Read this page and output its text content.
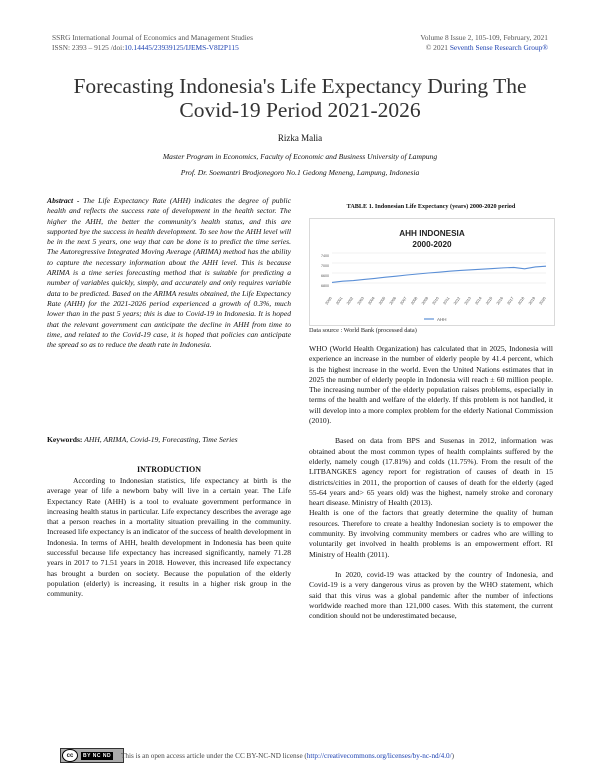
SSRG International Journal of Economics and Management Studies
ISSN: 2393 – 9125 /doi:10.14445/23939125/IJEMS-V8I2P115
Volume 8 Issue 2, 105-109, February, 2021
© 2021 Seventh Sense Research Group®
Forecasting Indonesia's Life Expectancy During The
Covid-19 Period 2021-2026
Rizka Malia
Master Program in Economics, Faculty of Economic and Business University of Lampung
Prof. Dr. Soemantri Brodjonegoro No.1 Gedong Meneng, Lampung, Indonesia

Abstract - The Life Expectancy Rate (AHH) indicates the degree of public health and reflects the success rate of development in the health sector. The higher the AHH, the better the community's health status, and this are supported bye the success in health development. To see how the AHH level will be in the next 5 years, one way that can be done is to predict the time series. The Autoregressive Integrated Moving Average (ARIMA) method has the ability to capture the necessary information about the AHH level. This is because ARIMA is a time series forecasting method that is suitable for predicting a number of variables quickly, simply, and accurately and only requires variable data to be predicted. Based on the ARIMA results obtained, the Life Expectancy Rate (AHH) for the 2021-2026 period experienced a growth of 0.3%, much lower than in the past 5 years; this is due to Covid-19 in Indonesia. It is hoped that the relevant government can anticipate the decline in AHH from time to time, and related to the Covid-19 case, it is hoped that policies can anticipate the spread so as to reduce the death rate in Indonesia.

Keywords: AHH, ARIMA, Covid-19, Forecasting, Time Series
INTRODUCTION

According to Indonesian statistics, life expectancy at birth is the average year of life a newborn baby will live in a certain year. The Life Expectancy Rate (AHH) is a tool to evaluate government performance in increasing health status in particular. Life expectancy describes the average age that a person reaches in a mortality situation prevailing in the community. Increased life expectancy is an indicator of the success of health development in Indonesia. In terms of AHH, health development in Indonesia has been quite successful because life expectancy has increased significantly, namely 71.28 years in 2017 to 71.51 years in 2018. However, this increased life expectancy has brought a burden on society. Because the population of the elderly population (elderly) is increasing, it results in a higher risk group in the community.

TABLE 1. Indonesian Life Expectancy (years) 2000-2020 period
AHH INDONESIA
2000-2020
7400
7000
6600
6800
2000 2001 2002 2003 2004 2005 2006 2007 2008 2009 2010 2011 2012 2013 2014 2015 2016 2017 2018 2019 2020
AHH
Data source : World Bank (processed data)

WHO (World Health Organization) has calculated that in 2025, Indonesia will experience an increase in the number of elderly people by 41.4 percent, which is the highest increase in the world. Even the United Nations estimates that in 2025 the number of elderly people in Indonesia will reach ± 60 million people. The increasing number of the elderly population raises problems, especially in terms of the health and welfare of the elderly. If this problem is not handled, it will develop into a more complex problem for the elderly National Commission (2010).

Based on data from BPS and Susenas in 2012, information was obtained about the most common types of health complaints suffered by the elderly, namely cough (17.81%) and colds (11.75%). From the result of the LITBANGKES agency report for registration of causes of death in 15 districts/cities in 2011, the proportion of causes of death for the elderly (aged 55-64 years and> 65 years old) was the highest, namely stroke and coronary heart disease. Ministry of Health (2013).

Health is one of the factors that greatly determine the quality of human resources. Therefore to create a healthy Indonesian society is to empower the community. By involving community members or cadres who are willing to voluntarily get involved in health problems is an empowerment effort. RI Ministry of Health (2011).

In 2020, covid-19 was attacked by the country of Indonesia, and Covid-19 is a very dangerous virus as proven by the WHO statement, which said that this virus was a global pandemic after the number of infections worldwide reached more than 121,000 cases. With this statement, the current condition should not be underestimated because,

cc	BY NC ND This is an open access article under the CC BY-NC-ND license (http://creativecommons.org/licenses/by-nc-nd/4.0/)
